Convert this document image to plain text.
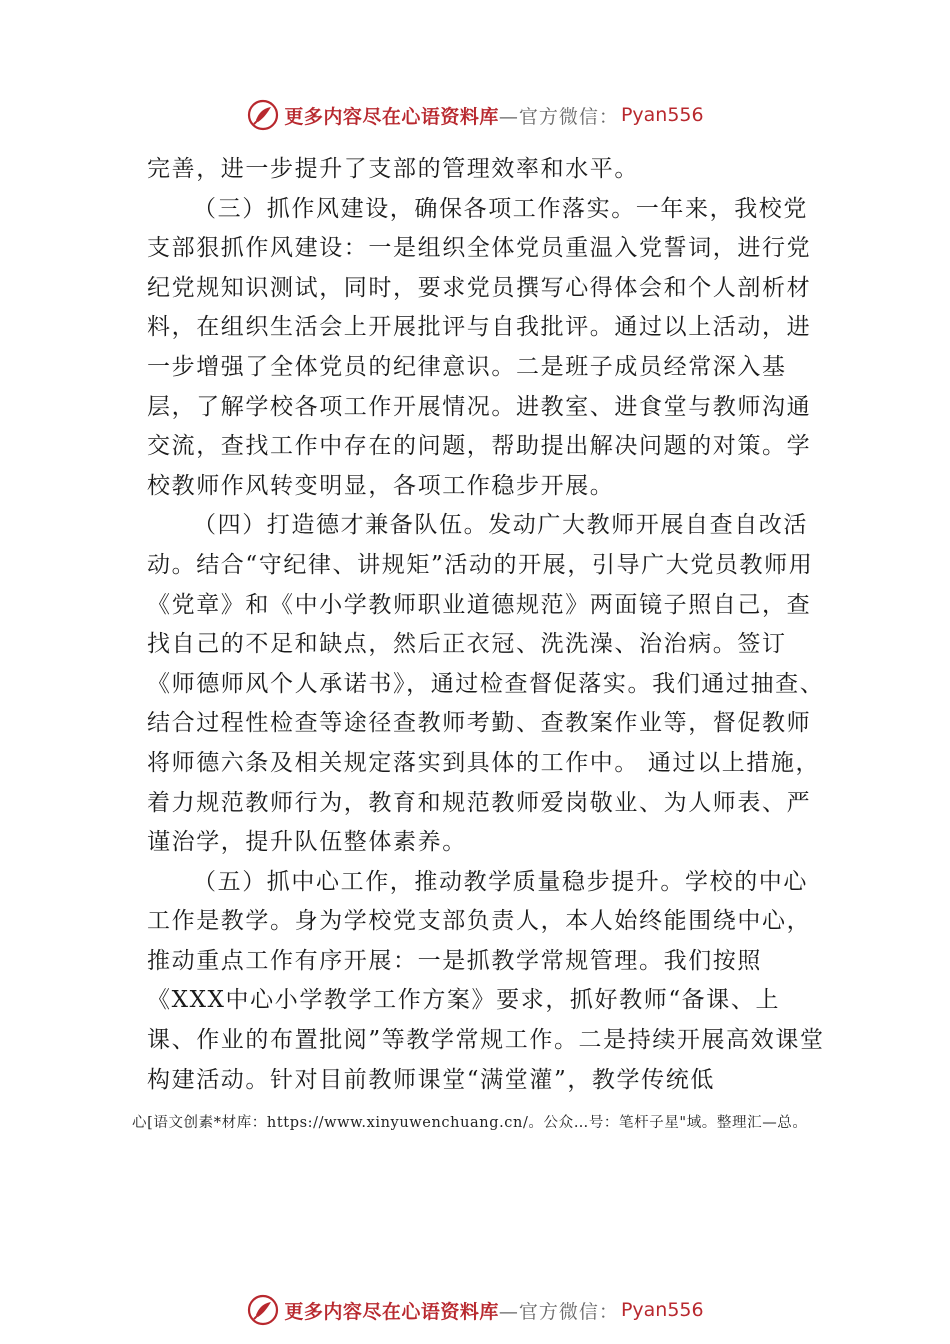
更多内容尽在心语资料库 —官方微信： Pyan556

完善，进一步提升了支部的管理效率和水平。

（三）抓作风建设，确保各项工作落实。一年来，我校党支部狠抓作风建设：一是组织全体党员重温入党誓词，进行党纪党规知识测试，同时，要求党员撰写心得体会和个人剖析材料，在组织生活会上开展批评与自我批评。通过以上活动，进一步增强了全体党员的纪律意识。二是班子成员经常深入基层，了解学校各项工作开展情况。进教室、进食堂与教师沟通交流，查找工作中存在的问题，帮助提出解决问题的对策。学校教师作风转变明显，各项工作稳步开展。

（四）打造德才兼备队伍。发动广大教师开展自查自改活动。结合“守纪律、讲规矩”活动的开展，引导广大党员教师用《党章》和《中小学教师职业道德规范》两面镜子照自己，查找自己的不足和缺点，然后正衣冠、洗洗澡、治治病。签订《师德师风个人承诺书》，通过检查督促落实。我们通过抽查、结合过程性检查等途径查教师考勤、查教案作业等，督促教师将师德六条及相关规定落实到具体的工作中。 通过以上措施，着力规范教师行为，教育和规范教师爱岗敬业、为人师表、严谨治学，提升队伍整体素养。

（五）抓中心工作，推动教学质量稳步提升。学校的中心工作是教学。身为学校党支部负责人，本人始终能围绕中心，推动重点工作有序开展：一是抓教学常规管理。我们按照《XXX中心小学教学工作方案》要求，抓好教师“备课、上课、作业的布置批阅”等教学常规工作。二是持续开展高效课堂构建活动。针对目前教师课堂“满堂灌”，教学传统低

心[语文创素*材库：https://www.xinyuwenchuang.cn/。公众…号：笔杆子星"域。整理汇—总。
更多内容尽在心语资料库 —官方微信： Pyan556
